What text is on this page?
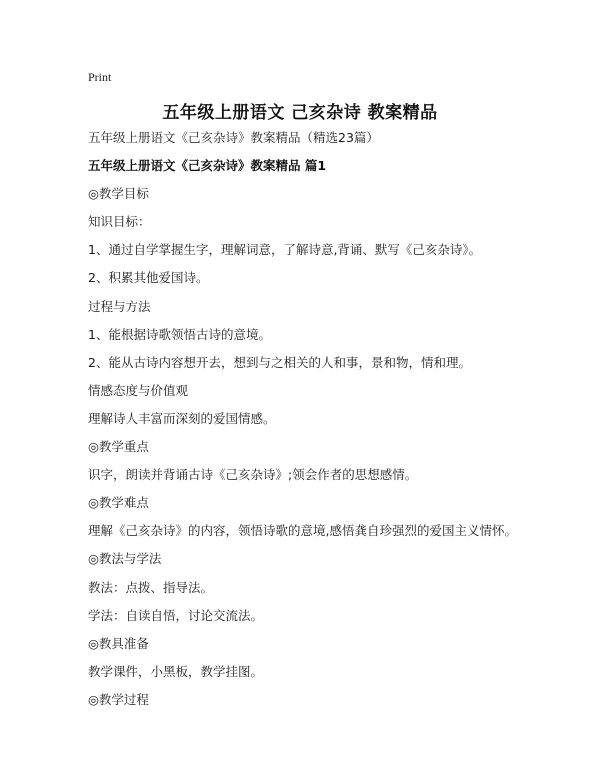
Print
五年级上册语文 己亥杂诗 教案精品
五年级上册语文《己亥杂诗》教案精品（精选23篇）
五年级上册语文《己亥杂诗》教案精品 篇1
◎教学目标
知识目标：
1、通过自学掌握生字，理解词意，了解诗意,背诵、默写《己亥杂诗》。
2、积累其他爱国诗。
过程与方法
1、能根据诗歌领悟古诗的意境。
2、能从古诗内容想开去，想到与之相关的人和事，景和物，情和理。
情感态度与价值观
理解诗人丰富而深刻的爱国情感。
◎教学重点
识字，朗读并背诵古诗《己亥杂诗》;领会作者的思想感情。
◎教学难点
理解《己亥杂诗》的内容，领悟诗歌的意境,感悟龚自珍强烈的爱国主义情怀。
◎教法与学法
教法：点拨、指导法。
学法：自读自悟，讨论交流法。
◎教具准备
教学课件，小黑板，教学挂图。
◎教学过程
